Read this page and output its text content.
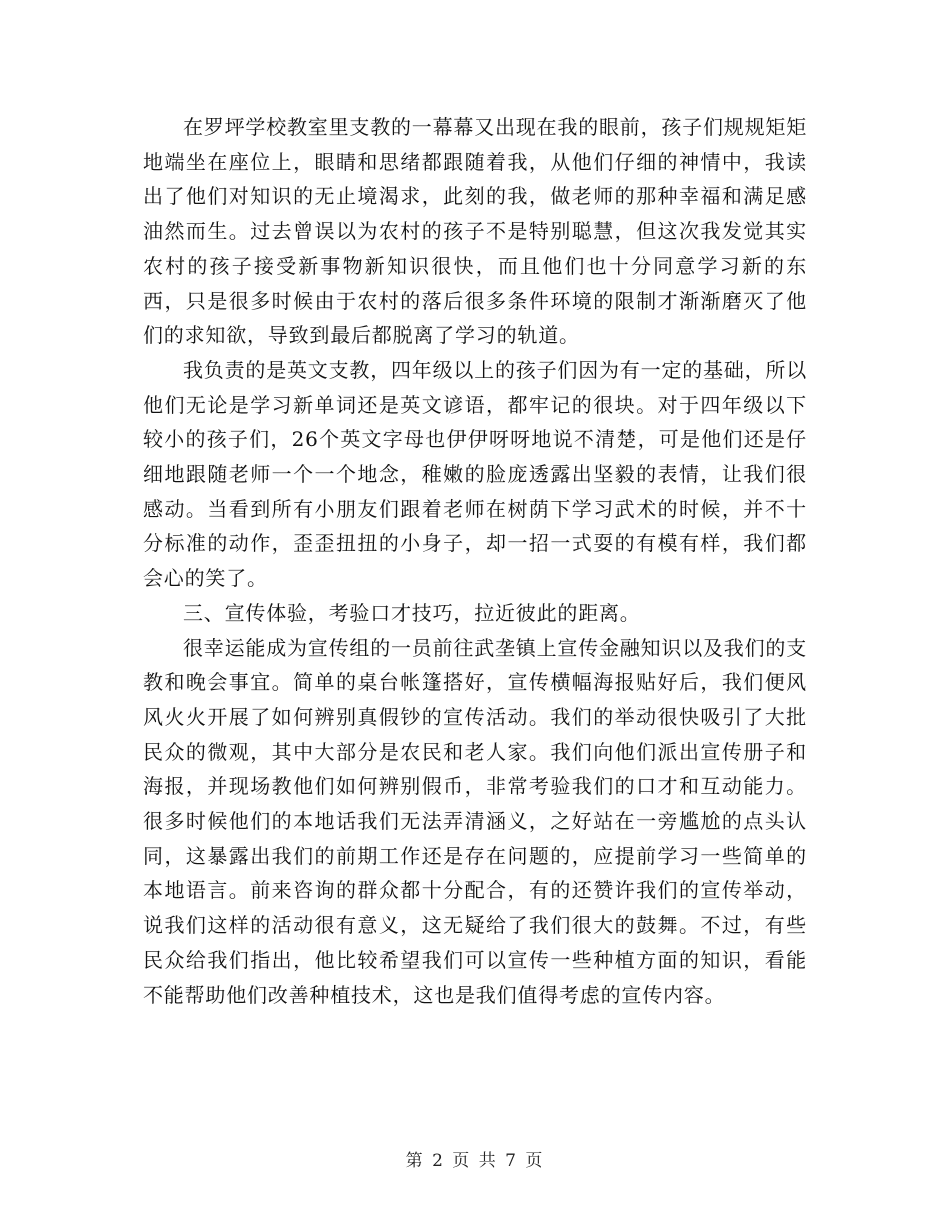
在罗坪学校教室里支教的一幕幕又出现在我的眼前，孩子们规规矩矩地端坐在座位上，眼睛和思绪都跟随着我，从他们仔细的神情中，我读出了他们对知识的无止境渴求，此刻的我，做老师的那种幸福和满足感油然而生。过去曾误以为农村的孩子不是特别聪慧，但这次我发觉其实农村的孩子接受新事物新知识很快，而且他们也十分同意学习新的东西，只是很多时候由于农村的落后很多条件环境的限制才渐渐磨灭了他们的求知欲，导致到最后都脱离了学习的轨道。

我负责的是英文支教，四年级以上的孩子们因为有一定的基础，所以他们无论是学习新单词还是英文谚语，都牢记的很块。对于四年级以下较小的孩子们，26个英文字母也伊伊呀呀地说不清楚，可是他们还是仔细地跟随老师一个一个地念，稚嫩的脸庞透露出坚毅的表情，让我们很感动。当看到所有小朋友们跟着老师在树荫下学习武术的时候，并不十分标准的动作，歪歪扭扭的小身子，却一招一式耍的有模有样，我们都会心的笑了。

三、宣传体验，考验口才技巧，拉近彼此的距离。

很幸运能成为宣传组的一员前往武垄镇上宣传金融知识以及我们的支教和晚会事宜。简单的桌台帐篷搭好，宣传横幅海报贴好后，我们便风风火火开展了如何辨别真假钞的宣传活动。我们的举动很快吸引了大批民众的微观，其中大部分是农民和老人家。我们向他们派出宣传册子和海报，并现场教他们如何辨别假币，非常考验我们的口才和互动能力。很多时候他们的本地话我们无法弄清涵义，之好站在一旁尴尬的点头认同，这暴露出我们的前期工作还是存在问题的，应提前学习一些简单的本地语言。前来咨询的群众都十分配合，有的还赞许我们的宣传举动，说我们这样的活动很有意义，这无疑给了我们很大的鼓舞。不过，有些民众给我们指出，他比较希望我们可以宣传一些种植方面的知识，看能不能帮助他们改善种植技术，这也是我们值得考虑的宣传内容。

第 2 页 共 7 页
